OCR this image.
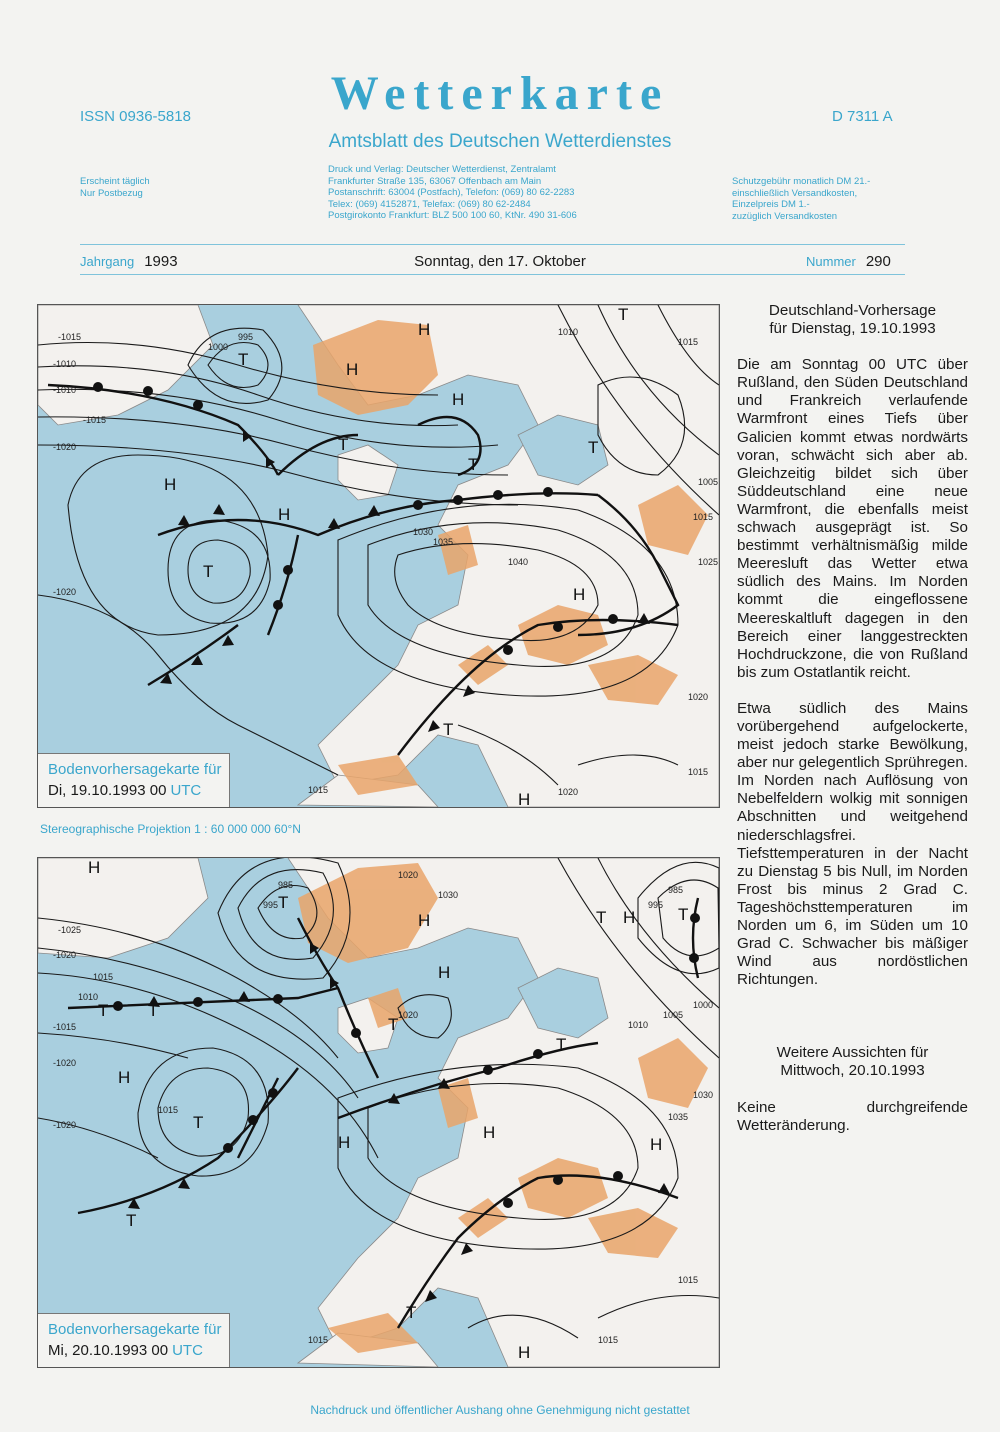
ISSN 0936-5818	Wetterkarte	D 7311 A
Amtsblatt des Deutschen Wetterdienstes
Erscheint täglich
Nur Postbezug
Druck und Verlag: Deutscher Wetterdienst, Zentralamt
Frankfurter Straße 135, 63067 Offenbach am Main
Postanschrift: 63004 (Postfach), Telefon: (069) 80 62-2283
Telex: (069) 4152871, Telefax: (069) 80 62-2484
Postgirokonto Frankfurt: BLZ 500 100 60, KtNr. 490 31-606
Schutzgebühr monatlich DM 21.-
einschließlich Versandkosten,
Einzelpreis DM 1.-
zuzüglich Versandkosten
Jahrgang 1993	Sonntag, den 17. Oktober	Nummer 290
-1015
-1010
-1010
-1015
-1020
-1020
1000
995
1030
1035
1040
1010
1015
1005
1015
1025
1020
1015
1015	1020
H
H
H
H
H
H
H
T
T
T
T
T
T
T
Bodenvorhersagekarte für
Di, 19.10.1993 00 UTC
Stereographische Projektion 1 : 60 000 000 60°N
-1025
-1020
1015
1010
-1015
-1020
-1020
1015
985
995
1020
1030
1020
985
995
1000
1005
1010
1030
1035
1015
1015	1015
H
H
H
H
H
H
H
H
H
T
T T
T
T
T
T
T	T
T
Bodenvorhersagekarte für
Mi, 20.10.1993 00 UTC
Deutschland-Vorhersage
für Dienstag, 19.10.1993
Die am Sonntag 00 UTC über Rußland, den Süden Deutschland und Frankreich verlaufende Warmfront eines Tiefs über Galicien kommt etwas nordwärts voran, schwächt sich aber ab. Gleichzeitig bildet sich über Süddeutschland eine neue Warmfront, die ebenfalls meist schwach ausgeprägt ist. So bestimmt verhältnismäßig milde Meeresluft das Wetter etwa südlich des Mains. Im Norden kommt die eingeflossene Meereskaltluft dagegen in den Bereich einer langgestreckten Hochdruckzone, die von Rußland bis zum Ostatlantik reicht.
Etwa südlich des Mains vorübergehend aufgelockerte, meist jedoch starke Bewölkung, aber nur gelegentlich Sprühregen. Im Norden nach Auflösung von Nebelfeldern wolkig mit sonnigen Abschnitten und weitgehend niederschlagsfrei. Tiefsttemperaturen in der Nacht zu Dienstag 5 bis Null, im Norden Frost bis minus 2 Grad C. Tageshöchsttemperaturen im Norden um 6, im Süden um 10 Grad C. Schwacher bis mäßiger Wind aus nordöstlichen Richtungen.
Weitere Aussichten für
Mittwoch, 20.10.1993
Keine durchgreifende Wetteränderung.
Nachdruck und öffentlicher Aushang ohne Genehmigung nicht gestattet
